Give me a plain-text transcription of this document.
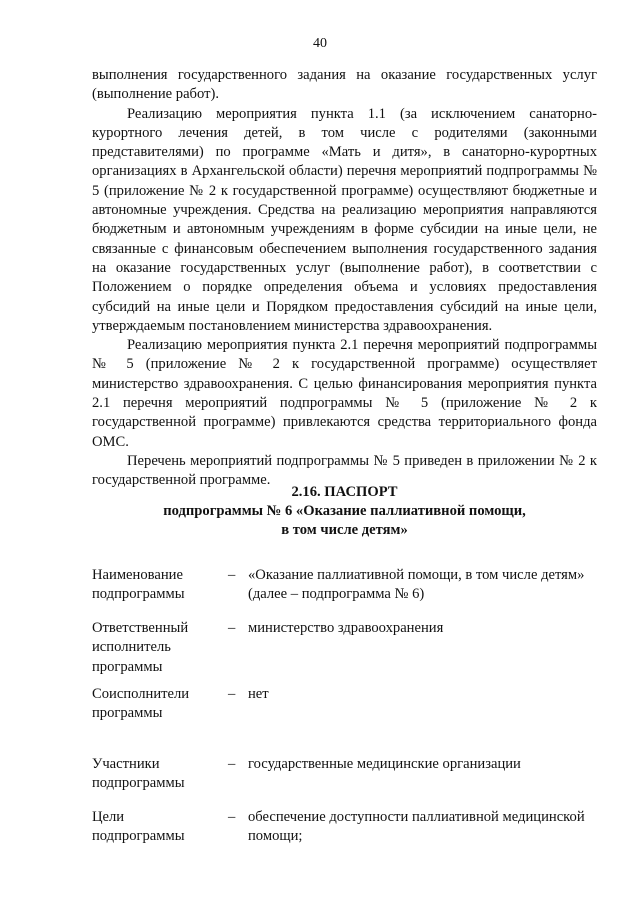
40

выполнения государственного задания на оказание государственных услуг (выполнение работ).

Реализацию мероприятия пункта 1.1 (за исключением санаторно-курортного лечения детей, в том числе с родителями (законными представителями) по программе «Мать и дитя», в санаторно-курортных организациях в Архангельской области) перечня мероприятий подпрограммы № 5 (приложение № 2 к государственной программе) осуществляют бюджетные и автономные учреждения. Средства на реализацию мероприятия направляются бюджетным и автономным учреждениям в форме субсидии на иные цели, не связанные с финансовым обеспечением выполнения государственного задания на оказание государственных услуг (выполнение работ), в соответствии с Положением о порядке определения объема и условиях предоставления субсидий на иные цели и Порядком предоставления субсидий на иные цели, утверждаемым постановлением министерства здравоохранения.

Реализацию мероприятия пункта 2.1 перечня мероприятий подпрограммы № 5 (приложение № 2 к государственной программе) осуществляет министерство здравоохранения. С целью финансирования мероприятия пункта 2.1 перечня мероприятий подпрограммы № 5 (приложение № 2 к государственной программе) привлекаются средства территориального фонда ОМС.

Перечень мероприятий подпрограммы № 5 приведен в приложении № 2 к государственной программе.

2.16. ПАСПОРТ
подпрограммы № 6 «Оказание паллиативной помощи,
в том числе детям»
Наименование подпрограммы
– «Оказание паллиативной помощи, в том числе детям» (далее – подпрограмма № 6)
Ответственный исполнитель программы
– министерство здравоохранения
Соисполнители программы
– нет
Участники подпрограммы
– государственные медицинские организации
Цели подпрограммы
– обеспечение доступности паллиативной медицинской помощи;
